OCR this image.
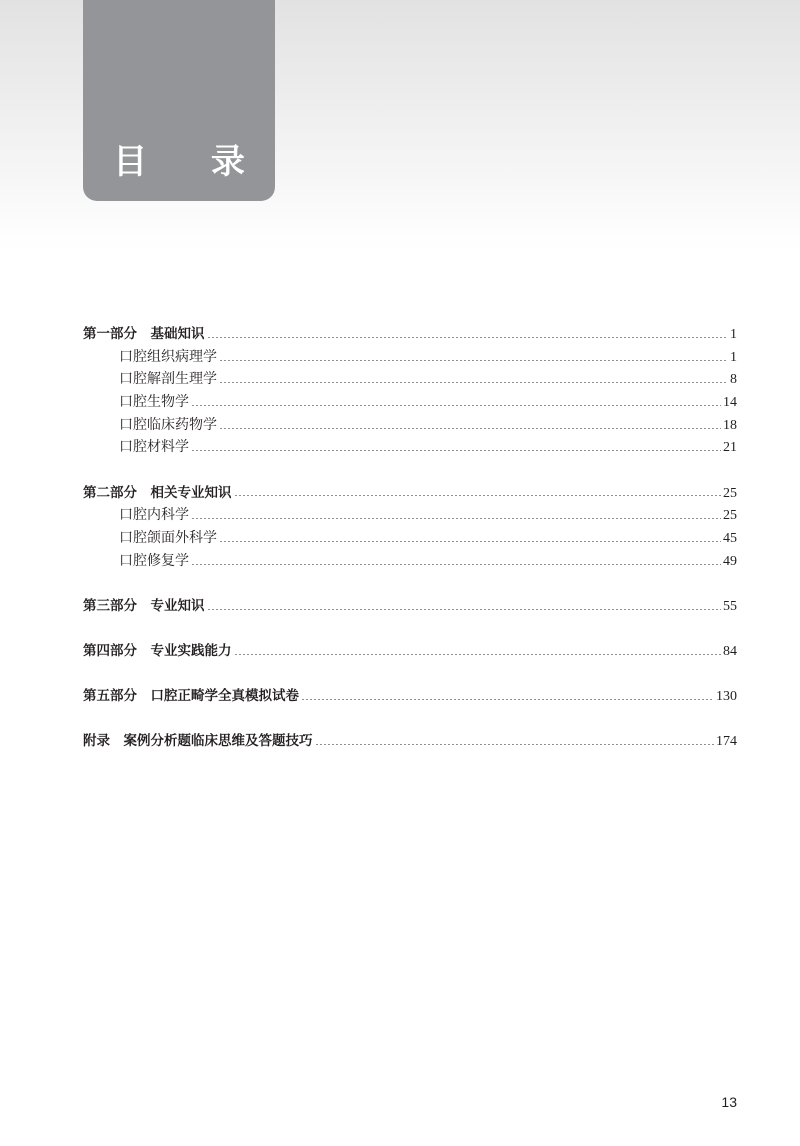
目 录
第一部分　基础知识	1
口腔组织病理学	1
口腔解剖生理学	8
口腔生物学	14
口腔临床药物学	18
口腔材料学	21
第二部分　相关专业知识	25
口腔内科学	25
口腔颌面外科学	45
口腔修复学	49
第三部分　专业知识	55
第四部分　专业实践能力	84
第五部分　口腔正畸学全真模拟试卷	130
附录　案例分析题临床思维及答题技巧	174
13
